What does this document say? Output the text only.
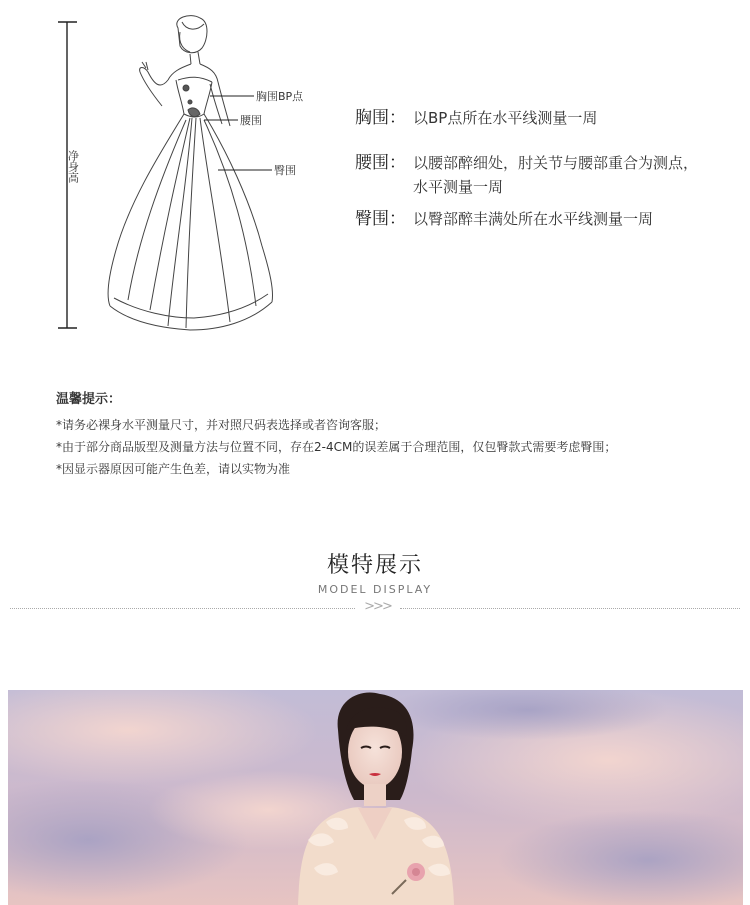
净身高
胸围BP点
腰围
臀围
胸围： 以BP点所在水平线测量一周
腰围： 以腰部醉细处，肘关节与腰部重合为测点，水平测量一周
臀围： 以臀部醉丰满处所在水平线测量一周
温馨提示：
*请务必裸身水平测量尺寸，并对照尺码表选择或者咨询客服；
*由于部分商品版型及测量方法与位置不同，存在2-4CM的误差属于合理范围，仅包臀款式需要考虑臀围；
*因显示器原因可能产生色差，请以实物为准
模特展示
MODEL DISPLAY
>>>
